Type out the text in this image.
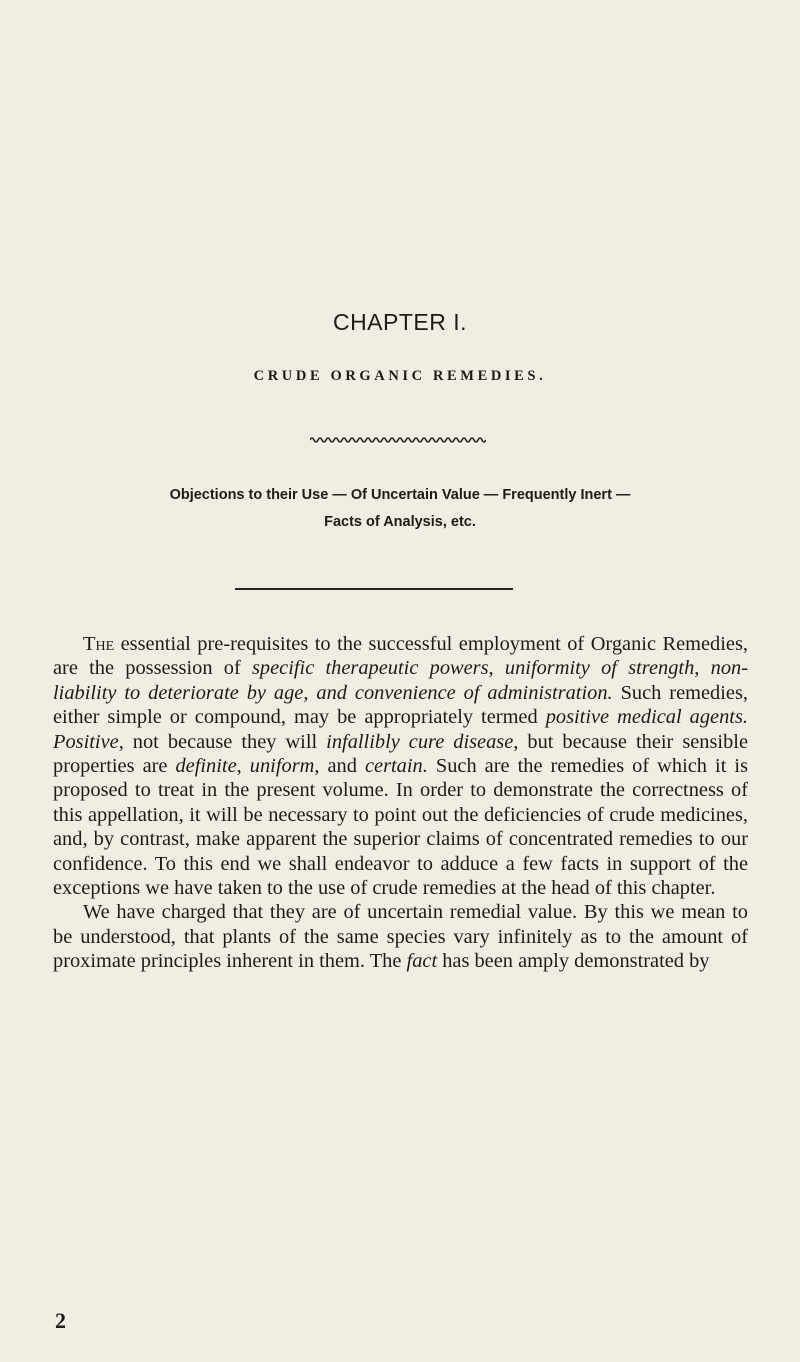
CHAPTER I.
CRUDE ORGANIC REMEDIES.
Objections to their Use — Of Uncertain Value — Frequently Inert —
Facts of Analysis, etc.

The essential pre-requisites to the successful employment of Organic Remedies, are the possession of specific therapeutic powers, uniformity of strength, non-liability to deteriorate by age, and convenience of administration. Such remedies, either simple or compound, may be appropriately termed positive medical agents. Positive, not because they will infallibly cure disease, but because their sensible properties are definite, uniform, and certain. Such are the remedies of which it is proposed to treat in the present volume. In order to demonstrate the correctness of this appellation, it will be necessary to point out the deficiencies of crude medicines, and, by contrast, make apparent the superior claims of concentrated remedies to our confidence. To this end we shall endeavor to adduce a few facts in support of the exceptions we have taken to the use of crude remedies at the head of this chapter.

We have charged that they are of uncertain remedial value. By this we mean to be understood, that plants of the same species vary infinitely as to the amount of proximate principles inherent in them. The fact has been amply demonstrated by

2
